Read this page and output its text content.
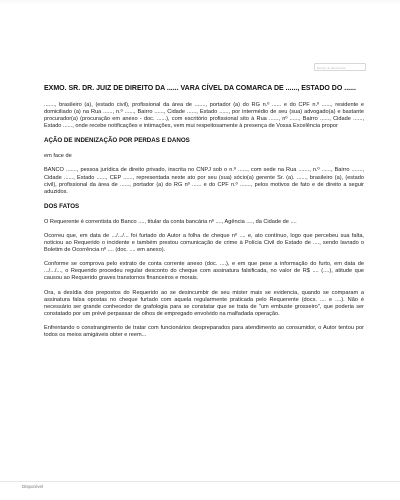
buscar no documento
EXMO. SR. DR. JUIZ DE DIREITO DA ...... VARA CÍVEL DA COMARCA DE ......, ESTADO DO ......
......., brasileiro (a), (estado civil), profissional da área de ......., portador (a) do RG n.º ...... e do CPF n.º ......, residente e domiciliado (a) na Rua ......, n.º ......, Bairro ......, Cidade ......, Estado ......, por intermédio de seu (sua) advogado(a) e bastante procurador(a) (procuração em anexo - doc. ......), com escritório profissional sito à Rua ......, nº ......, Bairro ......, Cidade ......, Estado ......, onde recebe notificações e intimações, vem mui respeitosamente à presença de Vossa Excelência propor
AÇÃO DE INDENIZAÇÃO POR PERDAS E DANOS
em face de
BANCO ......., pessoa jurídica de direito privado, inscrita no CNPJ sob o n.º ......, com sede na Rua ......., n.º ......, Bairro ......., Cidade ......, Estado ......, CEP ......, representada neste ato por seu (sua) sócio(a) gerente Sr. (a). ......, brasileiro (a), (estado civil), profissional da área de ......, portador (a) do RG nº ...... e do CPF n.º ......., pelos motivos de fato e de direito a seguir aduzidos.
DOS FATOS
O Requerente é correntista do Banco ...., titular da conta bancária nº ...., Agência ...., da Cidade de ....
Ocorreu que, em data de .../.../... foi furtado do Autor a folha de cheque nº .... e, ato contínuo, logo que percebeu sua falta, noticiou ao Requerido o incidente e também prestou comunicação de crime à Polícia Civil do Estado de ...., sendo lavrado o Boletim de Ocorrência nº .... (doc. .... em anexo).
Conforme se comprova pelo extrato de conta corrente anexo (doc. ....), e em que pese a informação do furto, em data de .../.../..., o Requerido procedeu regular desconto do cheque com assinatura falsificada, no valor de R$ .... (....), atitude que causou ao Requerido graves transtornos financeiros e morais.
Ora, a desídia dos prepostos do Requerido ao se desincumbir de seu mister mais se evidencia, quando se comparam a assinatura falsa opostas no cheque furtado com aquela regularmente praticada pelo Requerente (docs. .... e ....). Não é necessário ser grande conhecedor de grafologia para se constatar que se trata de "um embuste grosseiro", que poderia ser constatado por um prévé perpassar de olhos de empregado envolvido na malfadada operação.
Enfrentando o constrangimento de tratar com funcionários despreparados para atendimento ao consumidor, o Autor tentou por todos os meios amigáveis obter e reem...
Disponível
